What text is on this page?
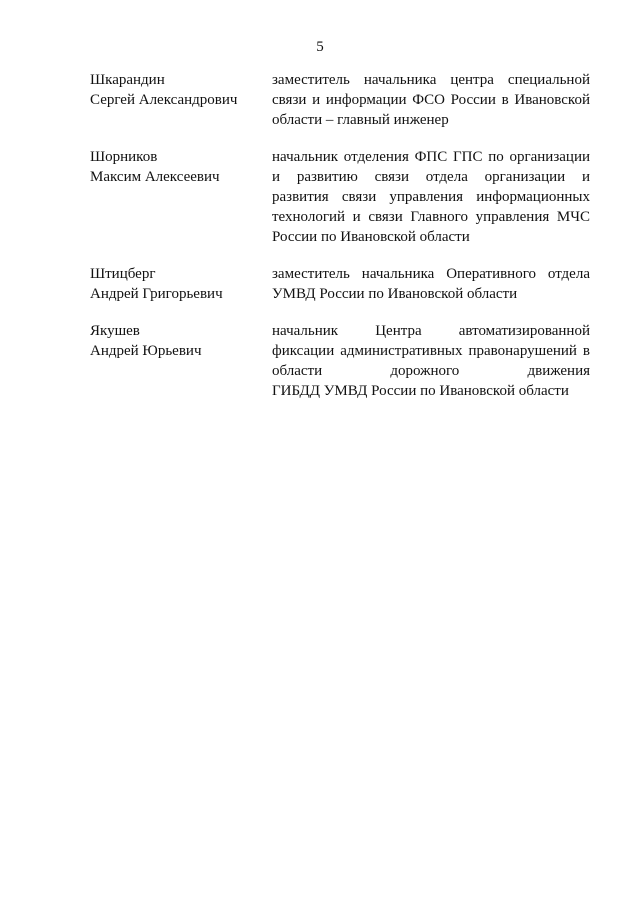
5
Шкарандин
Сергей Александрович
заместитель начальника центра специальной
связи и информации ФСО России в Ивановской
области – главный инженер
Шорников
Максим Алексеевич
начальник отделения ФПС ГПС по организации
и развитию связи отдела организации и
развития связи управления информационных
технологий и связи Главного управления МЧС
России по Ивановской области
Штицберг
Андрей Григорьевич
заместитель начальника Оперативного отдела
УМВД России по Ивановской области
Якушев
Андрей Юрьевич
начальник Центра автоматизированной
фиксации административных правонарушений в
области дорожного движения
ГИБДД УМВД России по Ивановской области
